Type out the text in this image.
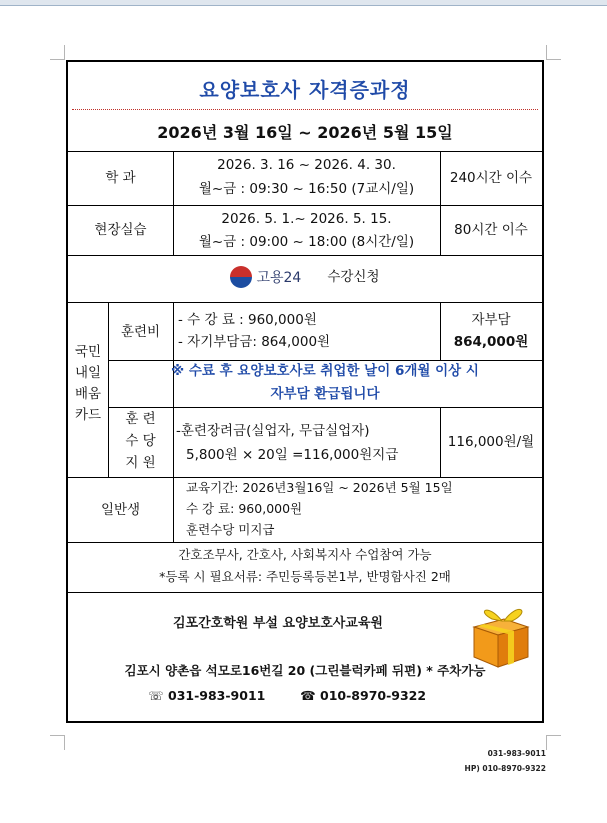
요양보호사 자격증과정
2026년 3월 16일 ~ 2026년 5월 15일
학 과
2026. 3. 16 ~ 2026. 4. 30.
월~금 : 09:30 ~ 16:50 (7교시/일)
240시간 이수
현장실습
2026. 5. 1.~ 2026. 5. 15.
월~금 : 09:00 ~ 18:00 (8시간/일)
80시간 이수
고용24 수강신청
국민
내일
배움
카드
훈련비
- 수 강 료 : 960,000원
- 자기부담금: 864,000원
자부담
864,000원
※ 수료 후 요양보호사로 취업한 날이 6개월 이상 시
자부담 환급됩니다
훈 련
수 당
지 원
-훈련장려금(실업자, 무급실업자)
5,800원 × 20일 =116,000원지급
116,000원/월
일반생
교육기간: 2026년3월16일 ~ 2026년 5월 15일
수 강 료: 960,000원
훈련수당 미지급
간호조무사, 간호사, 사회복지사 수업참여 가능
*등록 시 필요서류: 주민등록등본1부, 반명함사진 2매
김포간호학원 부설 요양보호사교육원
김포시 양촌읍 석모로16번길 20 (그린블럭카페 뒤편) * 주차가능
☏ 031-983-9011	☎ 010-8970-9322
031-983-9011
HP) 010-8970-9322
